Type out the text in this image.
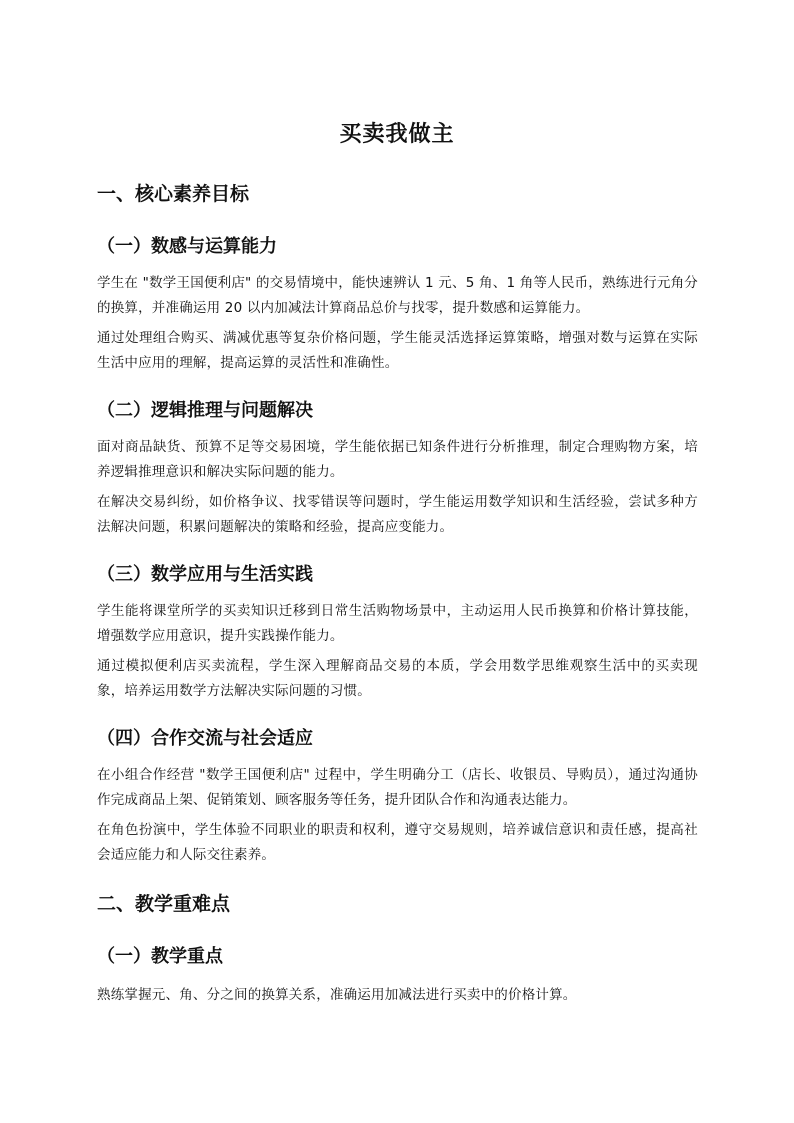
买卖我做主
一、核心素养目标
（一）数感与运算能力

学生在 "数学王国便利店" 的交易情境中，能快速辨认 1 元、5 角、1 角等人民币，熟练进行元角分的换算，并准确运用 20 以内加减法计算商品总价与找零，提升数感和运算能力。

通过处理组合购买、满减优惠等复杂价格问题，学生能灵活选择运算策略，增强对数与运算在实际生活中应用的理解，提高运算的灵活性和准确性。

（二）逻辑推理与问题解决

面对商品缺货、预算不足等交易困境，学生能依据已知条件进行分析推理，制定合理购物方案，培养逻辑推理意识和解决实际问题的能力。

在解决交易纠纷，如价格争议、找零错误等问题时，学生能运用数学知识和生活经验，尝试多种方法解决问题，积累问题解决的策略和经验，提高应变能力。

（三）数学应用与生活实践

学生能将课堂所学的买卖知识迁移到日常生活购物场景中，主动运用人民币换算和价格计算技能，增强数学应用意识，提升实践操作能力。

通过模拟便利店买卖流程，学生深入理解商品交易的本质，学会用数学思维观察生活中的买卖现象，培养运用数学方法解决实际问题的习惯。

（四）合作交流与社会适应

在小组合作经营 "数学王国便利店" 过程中，学生明确分工（店长、收银员、导购员），通过沟通协作完成商品上架、促销策划、顾客服务等任务，提升团队合作和沟通表达能力。

在角色扮演中，学生体验不同职业的职责和权利，遵守交易规则，培养诚信意识和责任感，提高社会适应能力和人际交往素养。

二、教学重难点
（一）教学重点

熟练掌握元、角、分之间的换算关系，准确运用加减法进行买卖中的价格计算。
